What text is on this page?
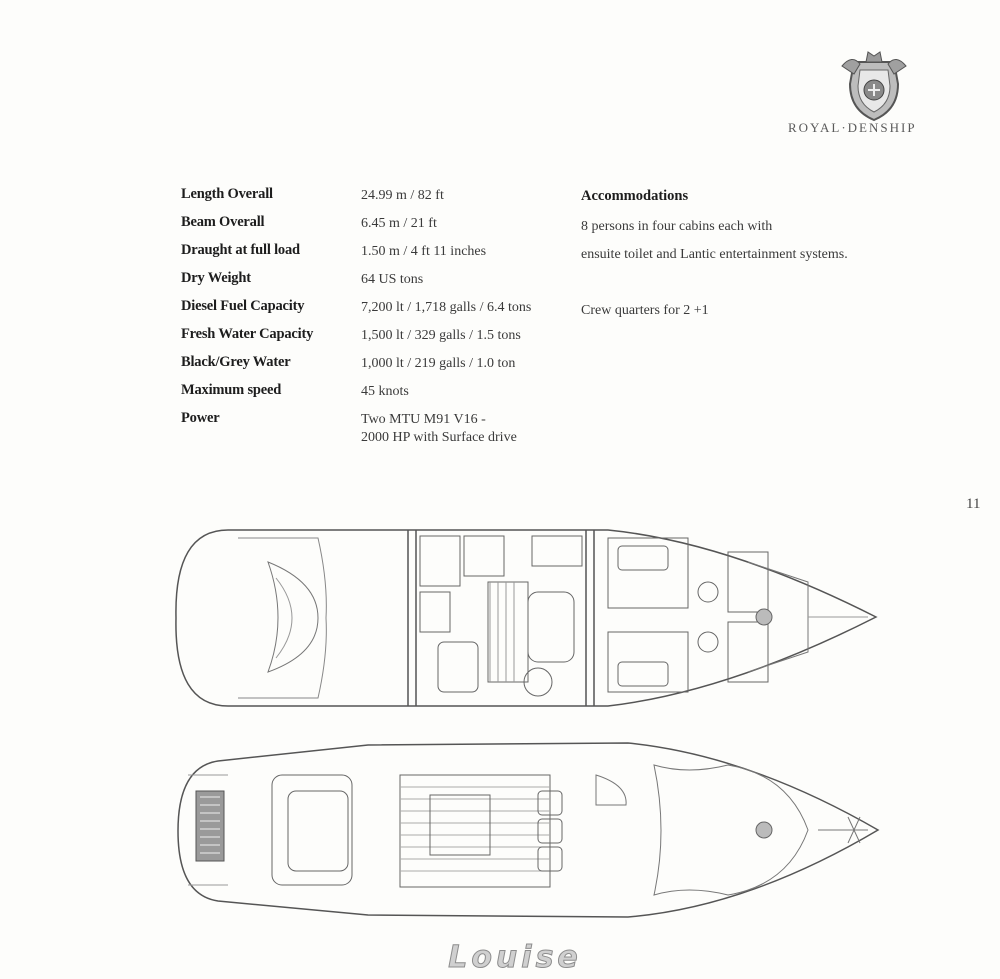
ROYAL·DENSHIP
Length Overall	24.99 m / 82 ft
Beam Overall	6.45 m / 21 ft
Draught at full load	1.50 m / 4 ft 11 inches
Dry Weight	64 US tons
Diesel Fuel Capacity	7,200 lt / 1,718 galls / 6.4 tons
Fresh Water Capacity	1,500 lt / 329 galls / 1.5 tons
Black/Grey Water	1,000 lt / 219 galls / 1.0 ton
Maximum speed	45 knots
Power	Two MTU M91 V16 -
2000 HP with Surface drive
Accommodations
8 persons in four cabins each with
ensuite toilet and Lantic entertainment systems.
Crew quarters for 2 +1
11
Louise
